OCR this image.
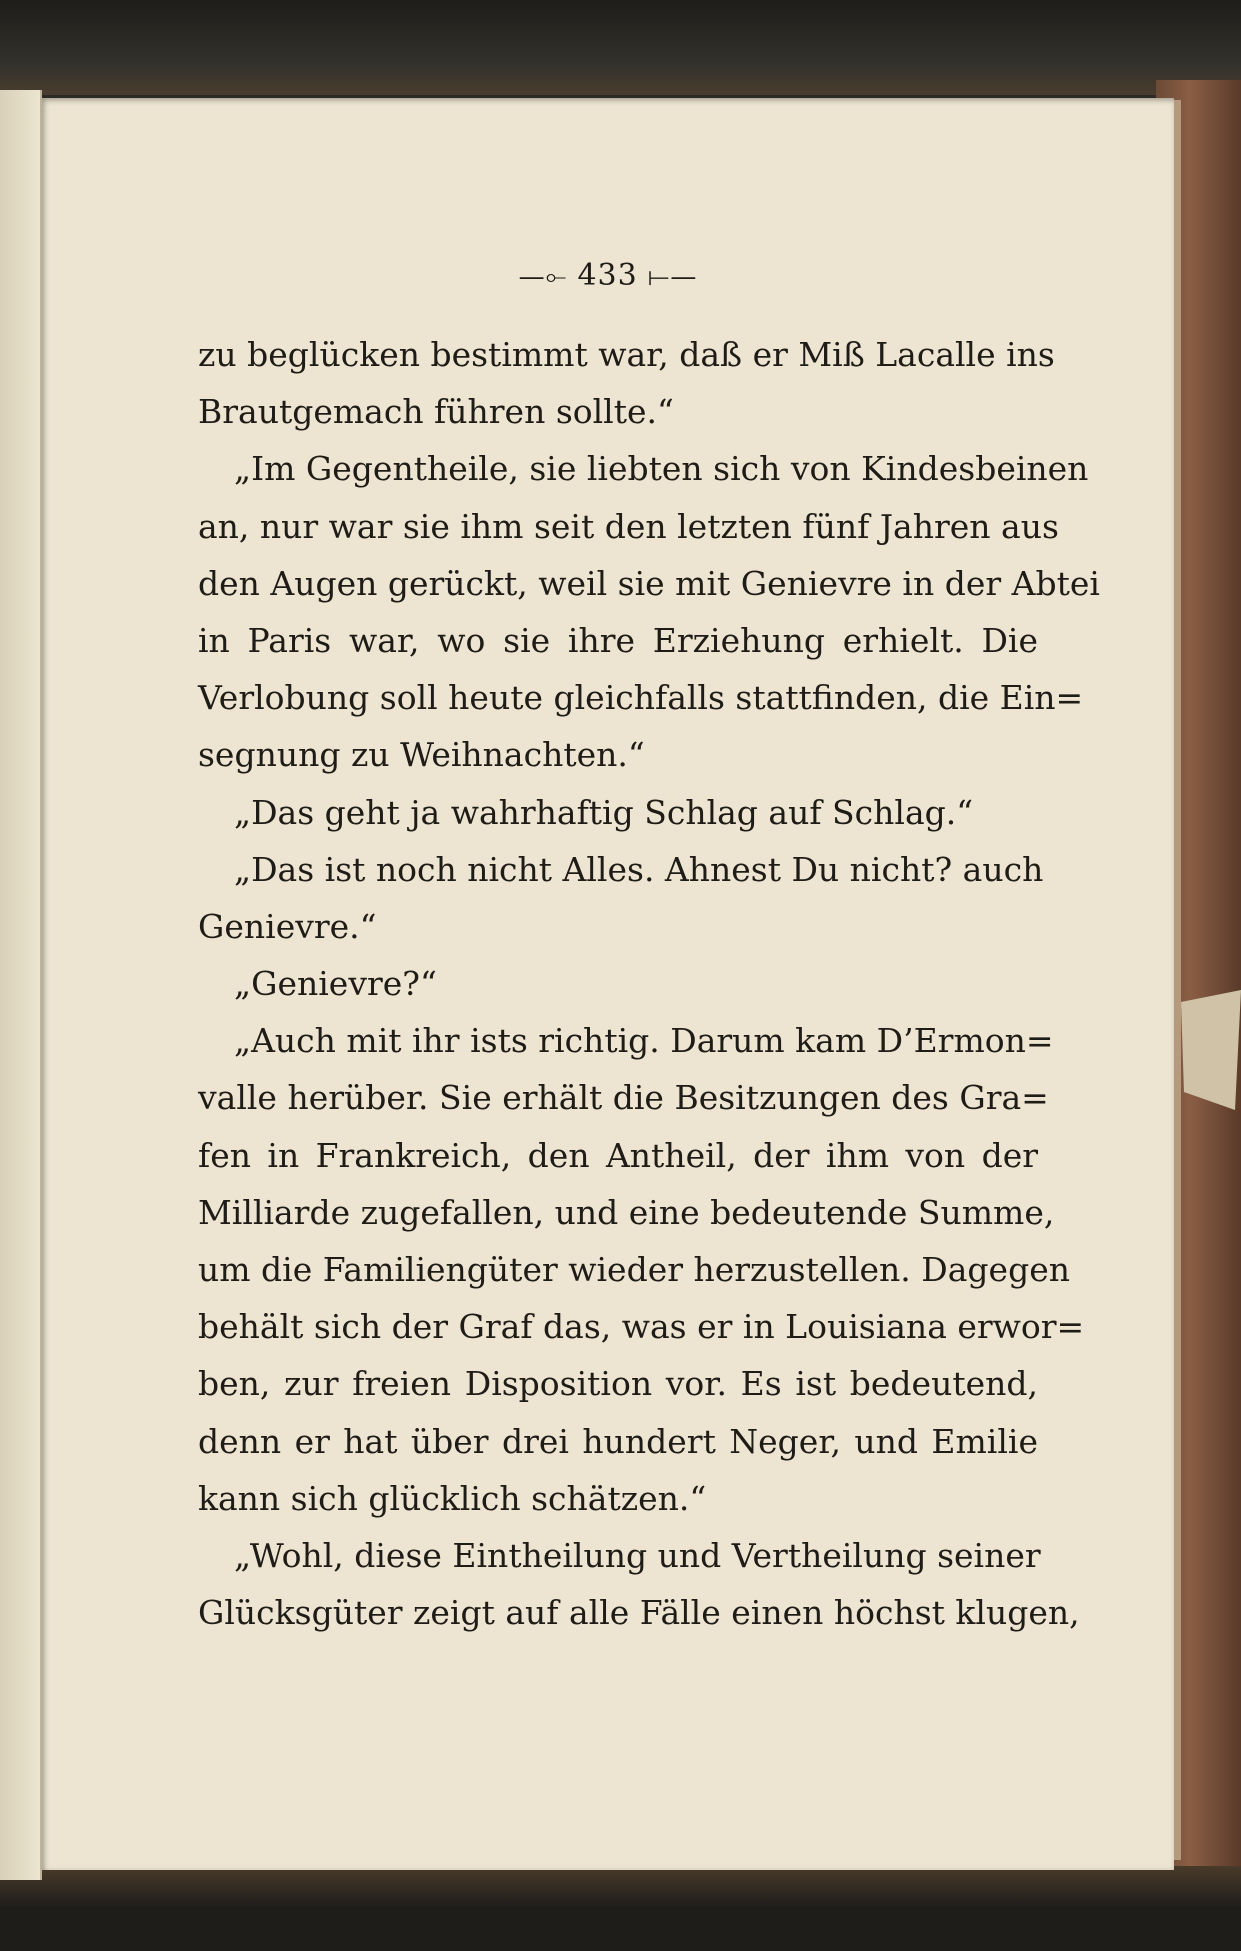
—⟜ 433 ⟝—
zu beglücken bestimmt war, daß er Miß Lacalle ins
Brautgemach führen sollte.“
„Im Gegentheile, sie liebten sich von Kindesbeinen
an, nur war sie ihm seit den letzten fünf Jahren aus
den Augen gerückt, weil sie mit Genievre in der Abtei
in Paris war, wo sie ihre Erziehung erhielt. Die
Verlobung soll heute gleichfalls stattfinden, die Ein=
segnung zu Weihnachten.“
„Das geht ja wahrhaftig Schlag auf Schlag.“
„Das ist noch nicht Alles. Ahnest Du nicht? auch
Genievre.“
„Genievre?“
„Auch mit ihr ists richtig. Darum kam D’Ermon=
valle herüber. Sie erhält die Besitzungen des Gra=
fen in Frankreich, den Antheil, der ihm von der
Milliarde zugefallen, und eine bedeutende Summe,
um die Familiengüter wieder herzustellen. Dagegen
behält sich der Graf das, was er in Louisiana erwor=
ben, zur freien Disposition vor. Es ist bedeutend,
denn er hat über drei hundert Neger, und Emilie
kann sich glücklich schätzen.“
„Wohl, diese Eintheilung und Vertheilung seiner
Glücksgüter zeigt auf alle Fälle einen höchst klugen,
